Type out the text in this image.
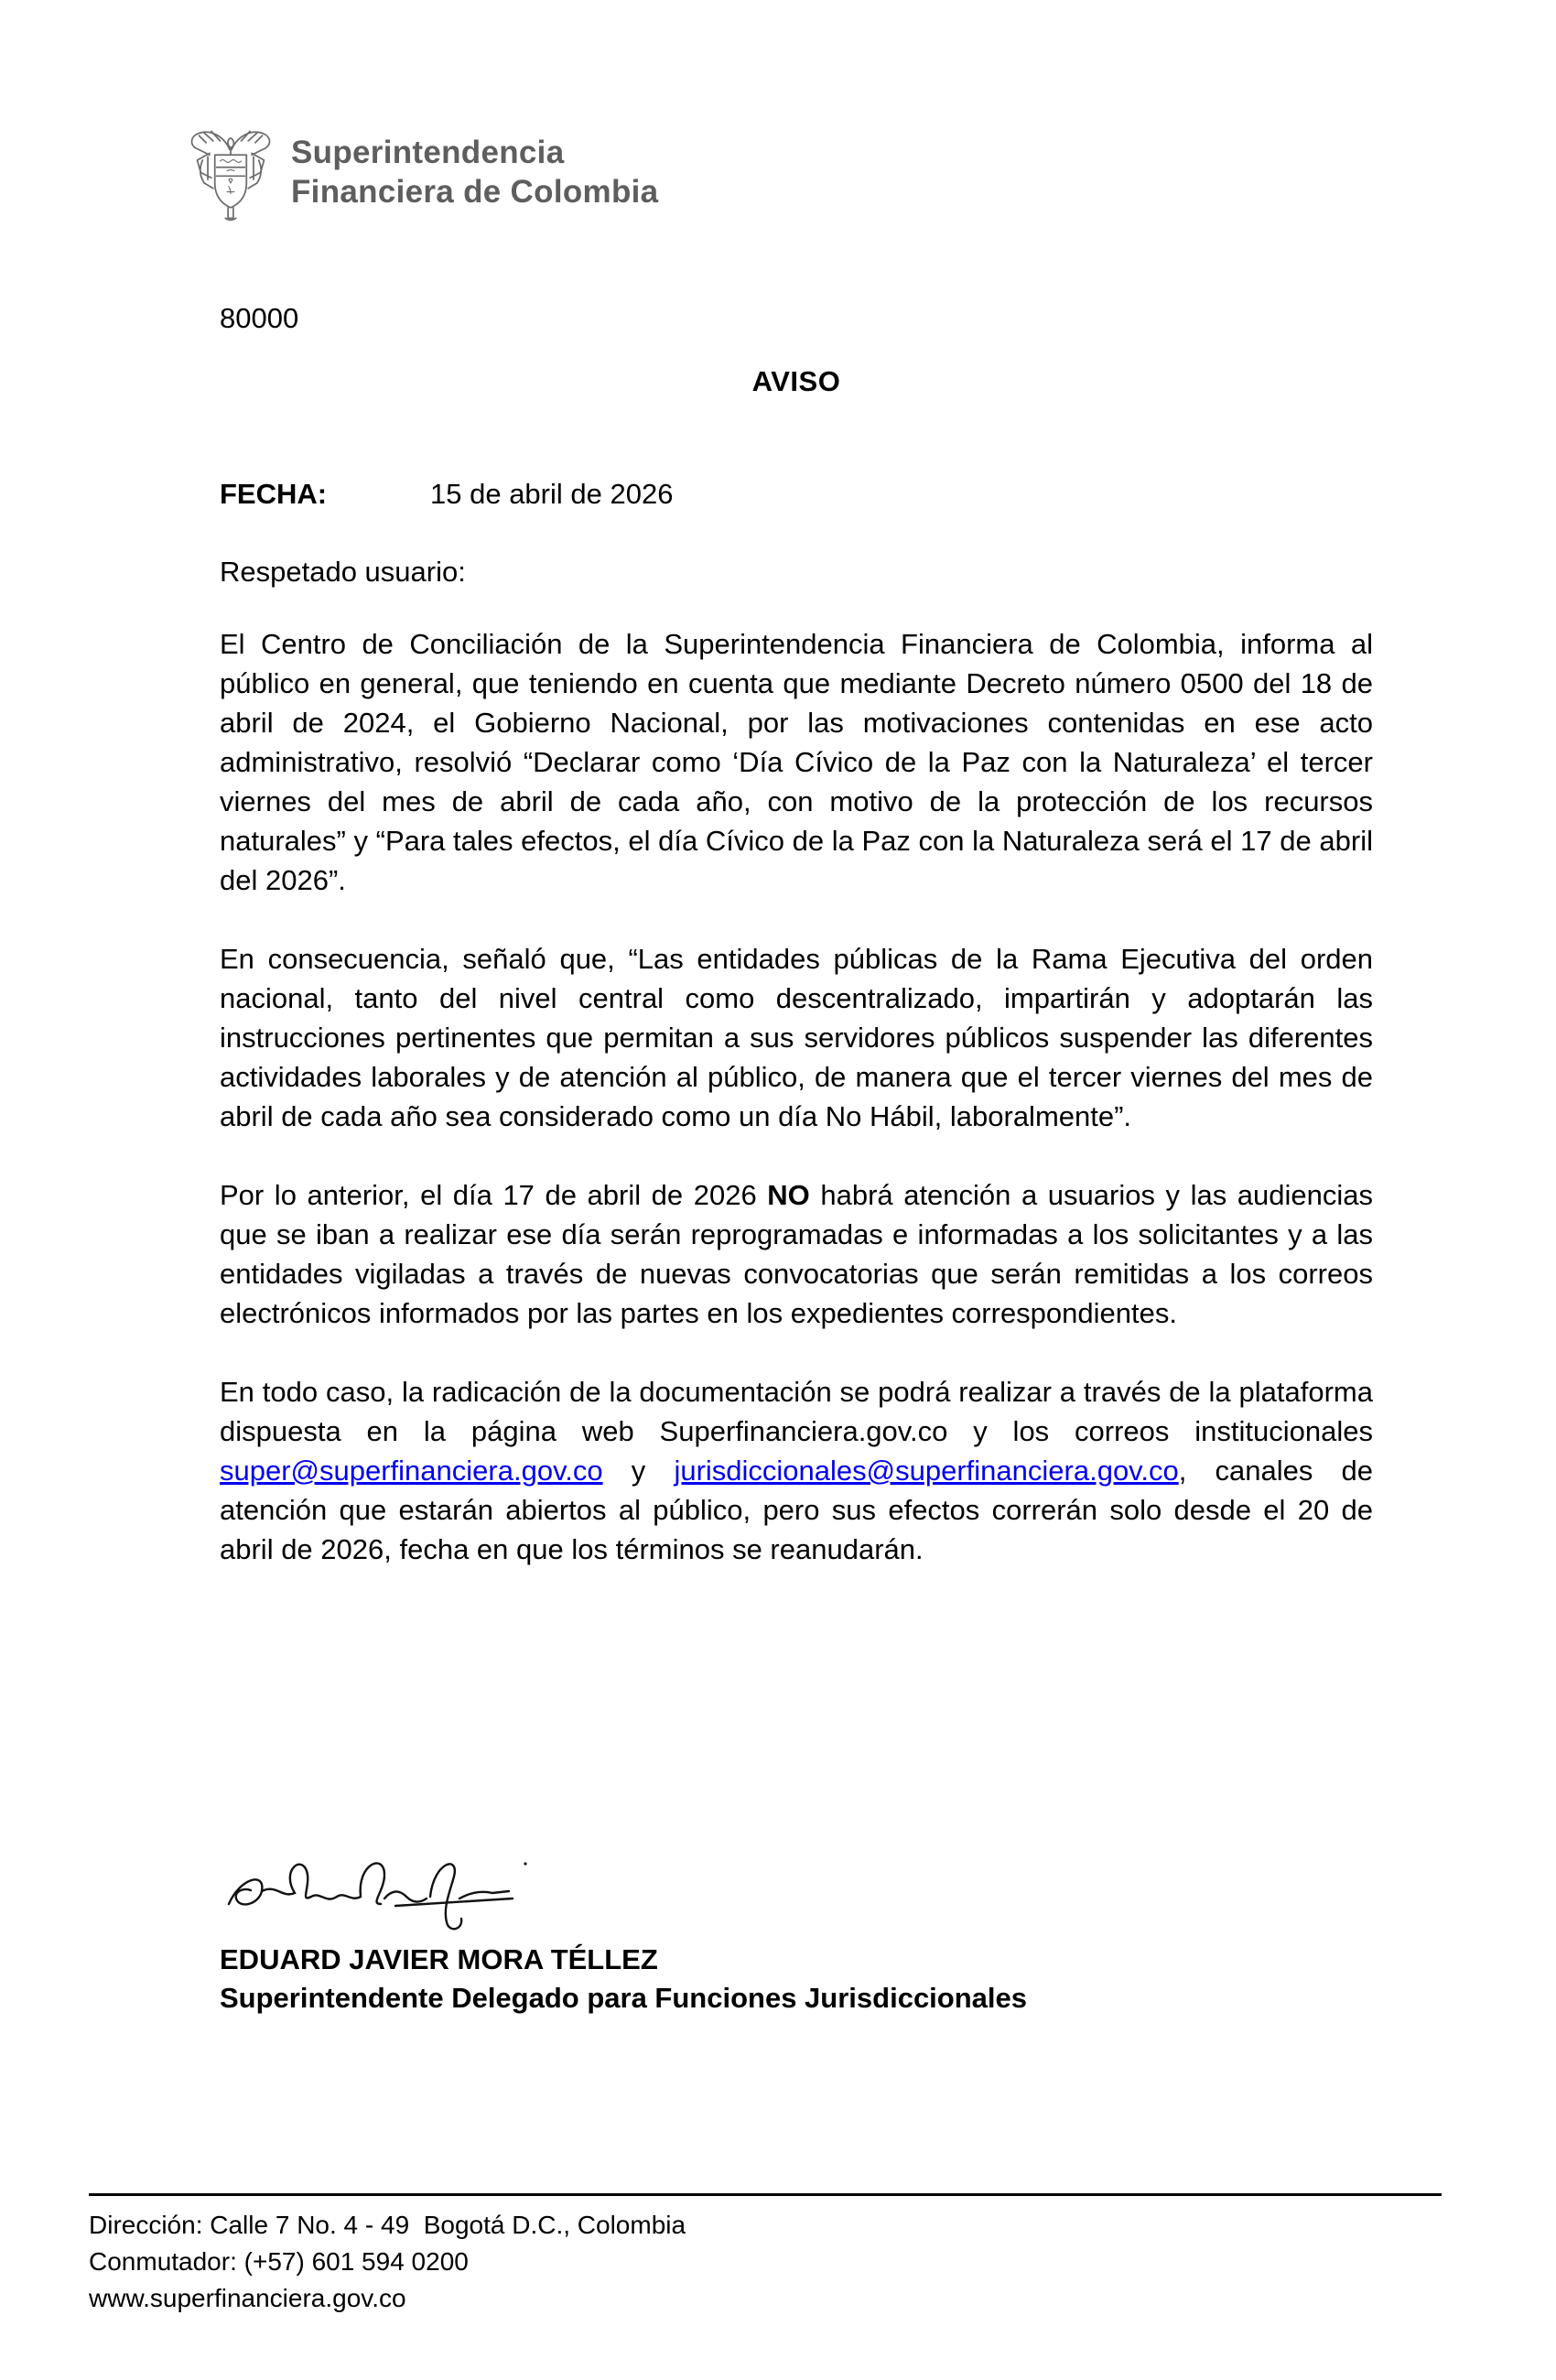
Superintendencia
Financiera de Colombia
80000
AVISO
FECHA:	15 de abril de 2026
Respetado usuario:

El Centro de Conciliación de la Superintendencia Financiera de Colombia, informa al público en general, que teniendo en cuenta que mediante Decreto número 0500 del 18 de abril de 2024, el Gobierno Nacional, por las motivaciones contenidas en ese acto administrativo, resolvió “Declarar como ‘Día Cívico de la Paz con la Naturaleza’ el tercer viernes del mes de abril de cada año, con motivo de la protección de los recursos naturales” y “Para tales efectos, el día Cívico de la Paz con la Naturaleza será el 17 de abril del 2026”.

En consecuencia, señaló que, “Las entidades públicas de la Rama Ejecutiva del orden nacional, tanto del nivel central como descentralizado, impartirán y adoptarán las instrucciones pertinentes que permitan a sus servidores públicos suspender las diferentes actividades laborales y de atención al público, de manera que el tercer viernes del mes de abril de cada año sea considerado como un día No Hábil, laboralmente”.

Por lo anterior, el día 17 de abril de 2026 NO habrá atención a usuarios y las audiencias que se iban a realizar ese día serán reprogramadas e informadas a los solicitantes y a las entidades vigiladas a través de nuevas convocatorias que serán remitidas a los correos electrónicos informados por las partes en los expedientes correspondientes.

En todo caso, la radicación de la documentación se podrá realizar a través de la plataforma dispuesta en la página web Superfinanciera.gov.co y los correos institucionales super@superfinanciera.gov.co y jurisdiccionales@superfinanciera.gov.co, canales de atención que estarán abiertos al público, pero sus efectos correrán solo desde el 20 de abril de 2026, fecha en que los términos se reanudarán.

EDUARD JAVIER MORA TÉLLEZ
Superintendente Delegado para Funciones Jurisdiccionales
Dirección: Calle 7 No. 4 - 49  Bogotá D.C., Colombia
Conmutador: (+57) 601 594 0200
www.superfinanciera.gov.co
